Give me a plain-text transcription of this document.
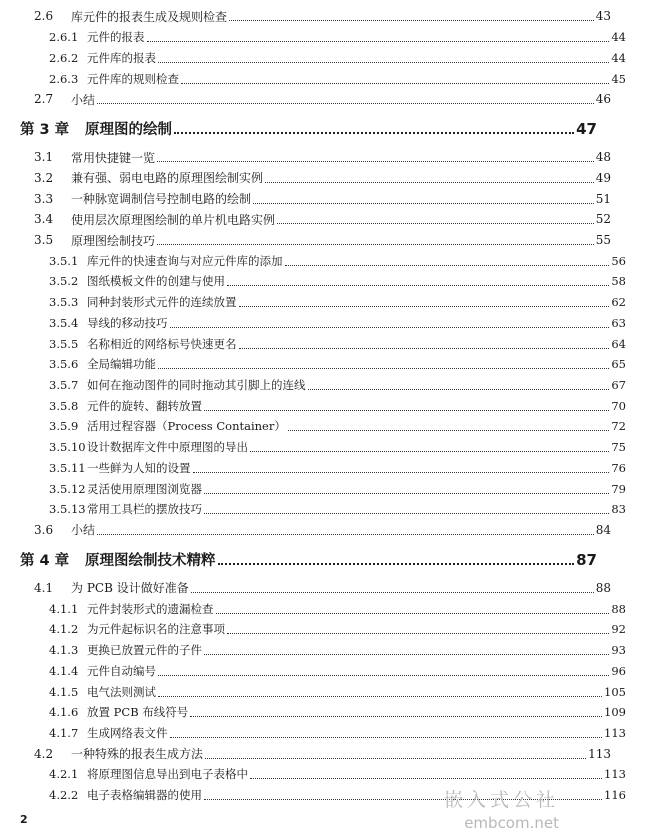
2.6	库元件的报表生成及规则检查	43
2.6.1 元件的报表	44
2.6.2 元件库的报表	44
2.6.3 元件库的规则检查	45
2.7	小结	46
第 3 章	原理图的绘制	47
3.1	常用快捷键一览	48
3.2	兼有强、弱电电路的原理图绘制实例	49
3.3	一种脉宽调制信号控制电路的绘制	51
3.4	使用层次原理图绘制的单片机电路实例	52
3.5	原理图绘制技巧	55
3.5.1 库元件的快速查询与对应元件库的添加	56
3.5.2 图纸模板文件的创建与使用	58
3.5.3 同种封装形式元件的连续放置	62
3.5.4 导线的移动技巧	63
3.5.5 名称相近的网络标号快速更名	64
3.5.6 全局编辑功能	65
3.5.7 如何在拖动图件的同时拖动其引脚上的连线	67
3.5.8 元件的旋转、翻转放置	70
3.5.9 活用过程容器（Process Container）	72
3.5.10 设计数据库文件中原理图的导出	75
3.5.11 一些鲜为人知的设置	76
3.5.12 灵活使用原理图浏览器	79
3.5.13 常用工具栏的摆放技巧	83
3.6	小结	84
第 4 章	原理图绘制技术精粹	87
4.1	为 PCB 设计做好准备	88
4.1.1 元件封装形式的遗漏检查	88
4.1.2 为元件起标识名的注意事项	92
4.1.3 更换已放置元件的子件	93
4.1.4 元件自动编号	96
4.1.5 电气法则测试	105
4.1.6 放置 PCB 布线符号	109
4.1.7 生成网络表文件	113
4.2	一种特殊的报表生成方法	113
4.2.1 将原理图信息导出到电子表格中	113
4.2.2 电子表格编辑器的使用	116
2
嵌入式公社
embcom.net
